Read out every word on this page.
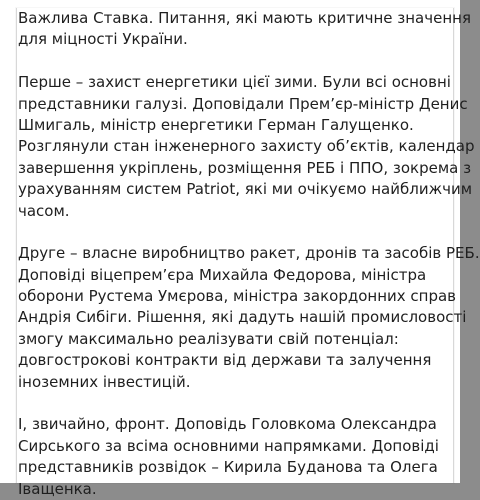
Важлива Ставка. Питання, які мають критичне значення
для міцності України.

Перше – захист енергетики цієї зими. Були всі основні
представники галузі. Доповідали Прем’єр-міністр Денис
Шмигаль, міністр енергетики Герман Галущенко.
Розглянули стан інженерного захисту об’єктів, календар
завершення укріплень, розміщення РЕБ і ППО, зокрема з
урахуванням систем Patriot, які ми очікуємо найближчим
часом.

Друге – власне виробництво ракет, дронів та засобів РЕБ.
Доповіді віцепрем’єра Михайла Федорова, міністра
оборони Рустема Умєрова, міністра закордонних справ
Андрія Сибіги. Рішення, які дадуть нашій промисловості
змогу максимально реалізувати свій потенціал:
довгострокові контракти від держави та залучення
іноземних інвестицій.

І, звичайно, фронт. Доповідь Головкома Олександра
Сирського за всіма основними напрямками. Доповіді
представників розвідок – Кирила Буданова та Олега
Іващенка.
